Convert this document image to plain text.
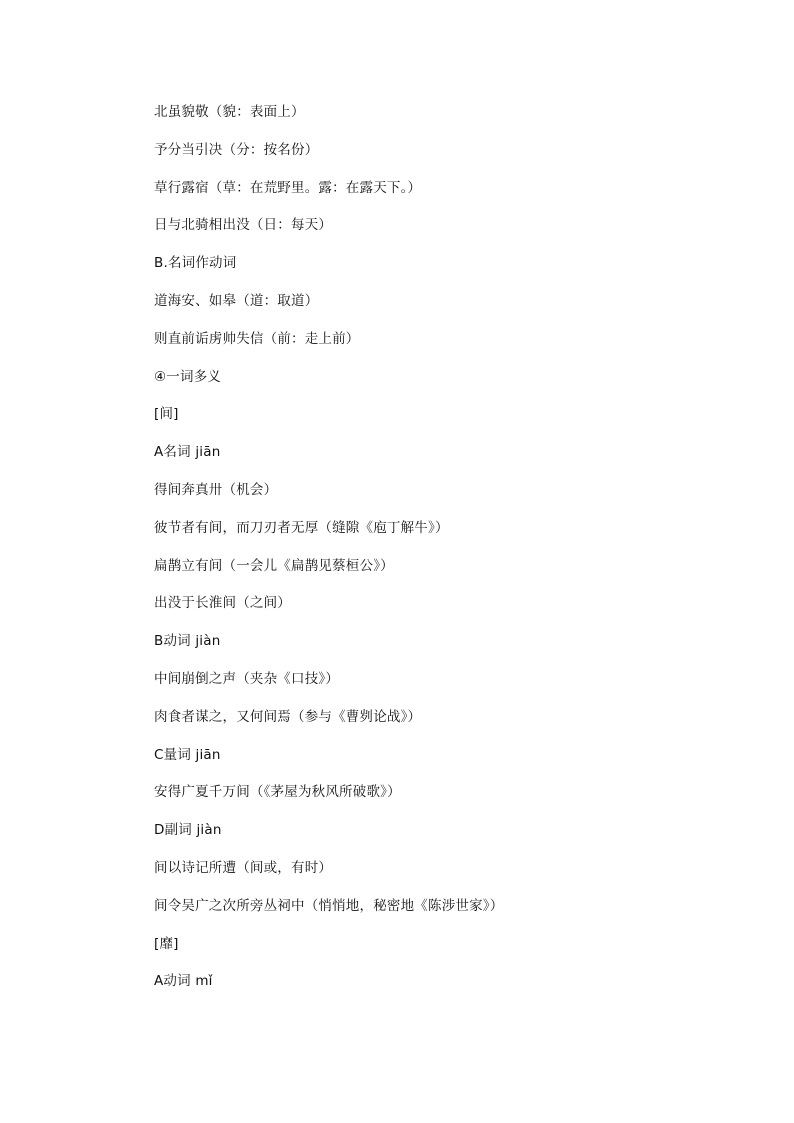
北虽貌敬（貌：表面上）
予分当引决（分：按名份）
草行露宿（草：在荒野里。露：在露天下。）
日与北骑相出没（日：每天）
B.名词作动词
道海安、如皋（道：取道）
则直前诟虏帅失信（前：走上前）
④一词多义
[间]
A名词 jiān
得间奔真卅（机会）
彼节者有间，而刀刃者无厚（缝隙《庖丁解牛》）
扁鹊立有间（一会儿《扁鹊见蔡桓公》）
出没于长淮间（之间）
B动词 jiàn
中间崩倒之声（夹杂《口技》）
肉食者谋之，又何间焉（参与《曹刿论战》）
C量词 jiān
安得广夏千万间（《茅屋为秋风所破歌》）
D副词 jiàn
间以诗记所遭（间或，有时）
间令吴广之次所旁丛祠中（悄悄地，秘密地《陈涉世家》）
[靡]
A动词 mǐ
